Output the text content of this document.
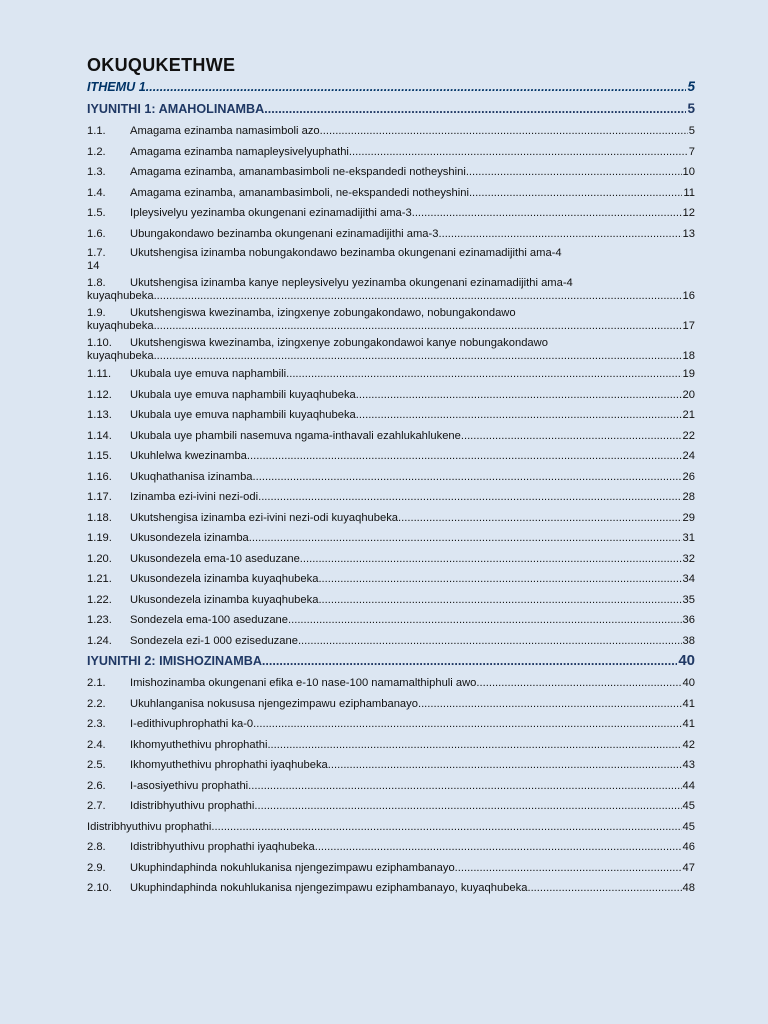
OKUQUKETHWE
ITHEMU 1 .....	5
IYUNITHI 1: AMAHOLINAMBA .....	5
1.1.	Amagama ezinamba namasimboli azo .....	5
1.2.	Amagama ezinamba namapleysivelyuphathi. .....	7
1.3.	Amagama ezinamba, amanambasimboli ne-ekspandedi notheyshini .....	10
1.4.	Amagama ezinamba, amanambasimboli, ne-ekspandedi notheyshini .....	11
1.5.	Ipleysivelyu yezinamba okungenani ezinamadijithi ama-3 .....	12
1.6.	Ubungakondawo bezinamba okungenani ezinamadijithi ama-3 .....	13
1.7.	Ukutshengisa izinamba nobungakondawo bezinamba okungenani ezinamadijithi ama-4
14
1.8.	Ukutshengisa izinamba kanye nepleysivelyu yezinamba okungenani ezinamadijithi ama-4
kuyaqhubeka .....	16
1.9.	Ukutshengiswa kwezinamba, izingxenye zobungakondawo, nobungakondawo
kuyaqhubeka .....	17
1.10.	Ukutshengiswa kwezinamba, izingxenye zobungakondawoi kanye nobungakondawo
kuyaqhubeka .....	18
1.11.	Ukubala uye emuva naphambili .....	19
1.12.	Ukubala uye emuva naphambili kuyaqhubeka .....	20
1.13.	Ukubala uye emuva naphambili kuyaqhubeka .....	21
1.14.	Ukubala uye phambili nasemuva ngama-inthavali ezahlukahlukene .....	22
1.15.	Ukuhlelwa kwezinamba .....	24
1.16.	Ukuqhathanisa izinamba .....	26
1.17.	Izinamba ezi-ivini nezi-odi .....	28
1.18.	Ukutshengisa izinamba ezi-ivini nezi-odi kuyaqhubeka .....	29
1.19.	Ukusondezela izinamba .....	31
1.20.	Ukusondezela ema-10 aseduzane .....	32
1.21.	Ukusondezela izinamba kuyaqhubeka .....	34
1.22.	Ukusondezela izinamba kuyaqhubeka .....	35
1.23.	Sondezela ema-100 aseduzane .....	36
1.24.	Sondezela ezi-1 000 eziseduzane .....	38
IYUNITHI 2: IMISHOZINAMBA .....	40
2.1.	Imishozinamba okungenani efika e-10 nase-100 namamalthiphuli awo. .....	40
2.2.	Ukuhlanganisa nokususa njengezimpawu eziphambanayo. .....	41
2.3.	I-edithivuphrophathi ka-0 .....	41
2.4.	Ikhomyuthethivu phrophathi .....	42
2.5.	Ikhomyuthethivu phrophathi iyaqhubeka .....	43
2.6.	I-asosiyethivu prophathi .....	44
2.7.	Idistribhyuthivu prophathi .....	45
Idistribhyuthivu prophathi .....	45
2.8.	Idistribhyuthivu prophathi iyaqhubeka .....	46
2.9.	Ukuphindaphinda nokuhlukanisa njengezimpawu eziphambanayo .....	47
2.10.	Ukuphindaphinda nokuhlukanisa njengezimpawu eziphambanayo, kuyaqhubeka. .....	48
